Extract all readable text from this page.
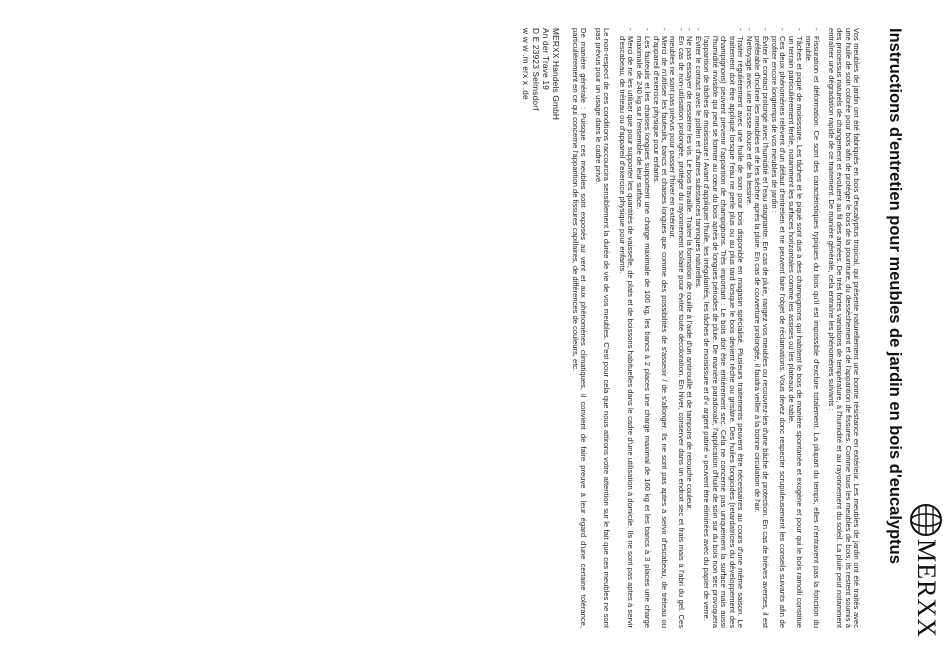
MERXX
Instructions d'entretien pour meubles de jardin en bois d'eucalyptus

Vos meubles de jardin ont été fabriqués en bois d'eucalyptus tropical, qui présente naturellement une bonne résistance en extérieur. Les meubles de jardin ont été traités avec une huile de soin colorée pour bois afin de protéger le bois de la pourriture, du dessèchement et de l'apparition de fissures. Comme tous les meubles de bois, ils restent soumis à des processus naturels de changement et évoluent au fil des années. De très fortes variations de température, à l'humidité et au rayonnement du soleil. La pluie peut notamment entraîner une dégradation rapide de ce traitement. De manière générale, cela entraîne les phénomènes suivants :

- Fissuration et déformation. Ce sont des caractéristiques typiques du bois qu'il est impossible d'exclure totalement. La plupart du temps, elles n'entravent pas la fonction du meuble.
- Tâches et piqué de moisissure. Les tâches et le piqué sont dus à des champignons qui habitent le bois de manière spontanée et exogène et pour qui le bois ramolli constitue un terrain particulièrement fertile, notamment les surfaces horizontales comme les assises ou les plateaux de table.
- Ces deux phénomènes relèvent d'un défaut d'entretien et ne peuvent faire l'objet de réclamations. Vous devez donc respecter scrupuleusement les conseils suivants afin de profiter encore longtemps de vos meubles de jardin :
- Éviter le contact prolongé avec l'humidité et l'eau stagnante. En cas de pluie, rangez vos meubles ou recouvrez-les d'une bâche de protection. En cas de brèves averses, il est préférable d'incliner les meubles et de les sécher après la pluie. En cas de couverture prolongée, il faudra veiller à la bonne circulation de l'air.
- Nettoyage avec une brosse douce et de la lessive.
- Traiter régulièrement avec une huile de soin pour bois disponible en magasin spécialisé. Plusieurs traitements peuvent être nécessaires au cours d'une même saison. Le traitement doit être appliqué lorsque l'eau ne perle plus ou au plus tard lorsque le bois devient rêche ou grisâtre. Des huiles fongicides (retardatrices du développement des champignons) peuvent prévenir l'apparition de champignons. Très important : Le bois doit être entièrement sec. Cela ne concerne pas uniquement la surface mais aussi l'humidité invisible qui peut se former au cœur du bois après de longues périodes de pluie. De manière paradoxale, l'application d'huile de soin sur du bois non sec provoquera l'apparition de tâches de moisissure ! Avant d'appliquer l'huile, les irrégularités, les tâches de moisissure et d'« argent patiné » peuvent être éliminées avec du papier de verre.
- Éviter le contact avec le pollen et d'autres substances tanniques naturelles.
- Ne pas essayer de resserrer les vis. Le bois travaille. Traiter la formation de rouille à l'aide d'un antirouille et de tampons de retouche couleur.
- En cas de non-utilisation prolongée, protéger du rayonnement solaire pour éviter toute décoloration. En hiver, conserver dans un endroit sec et frais mais à l'abri du gel. Ces meubles ne sont pas prévus pour passer l'hiver en extérieur.
- Merci de n'utiliser les fauteuils, bancs et chaises longues que comme des possibilités de s'asseoir / de s'allonger. Ils ne sont pas aptes à servir d'escabeau, de tréteau ou d'appareil d'exercice physique pour enfants.
- Les fauteuils et les chaises longues supportent une charge maximale de 100 kg, les bancs à 2 places une charge maximal de 160 kg et les bancs à 3 places une charge maximale de 240 kg sur l'ensemble de leur surface.
- Merci de ne les utiliser que pour supporter les quantités de vaisselle, de plats et de boissons habituelles dans le cadre d'une utilisation à domicile. Ils ne sont pas aptes à servir d'escabeau, de tréteau ou d'appareil d'exercice physique pour enfants.

Le non-respect de ces conditions raccourcira sensiblement la durée de vie de vos meubles. C'est pour cela que nous attirons votre attention sur le fait que ces meubles ne sont pas prévus pour un usage dans le cadre privé.

De manière générale : Puisque ces meubles sont exposés au vent et aux phénomènes climatiques, il convient de faire preuve à leur égard d'une certaine tolérance, particulièrement en ce qui concerne l'apparition de fissures capillaires, de différences de couleurs, etc.

MERXX Handels GmbH
An der Trave 19
D E 23923 Selmsdorf
w w w .m erx x .de
